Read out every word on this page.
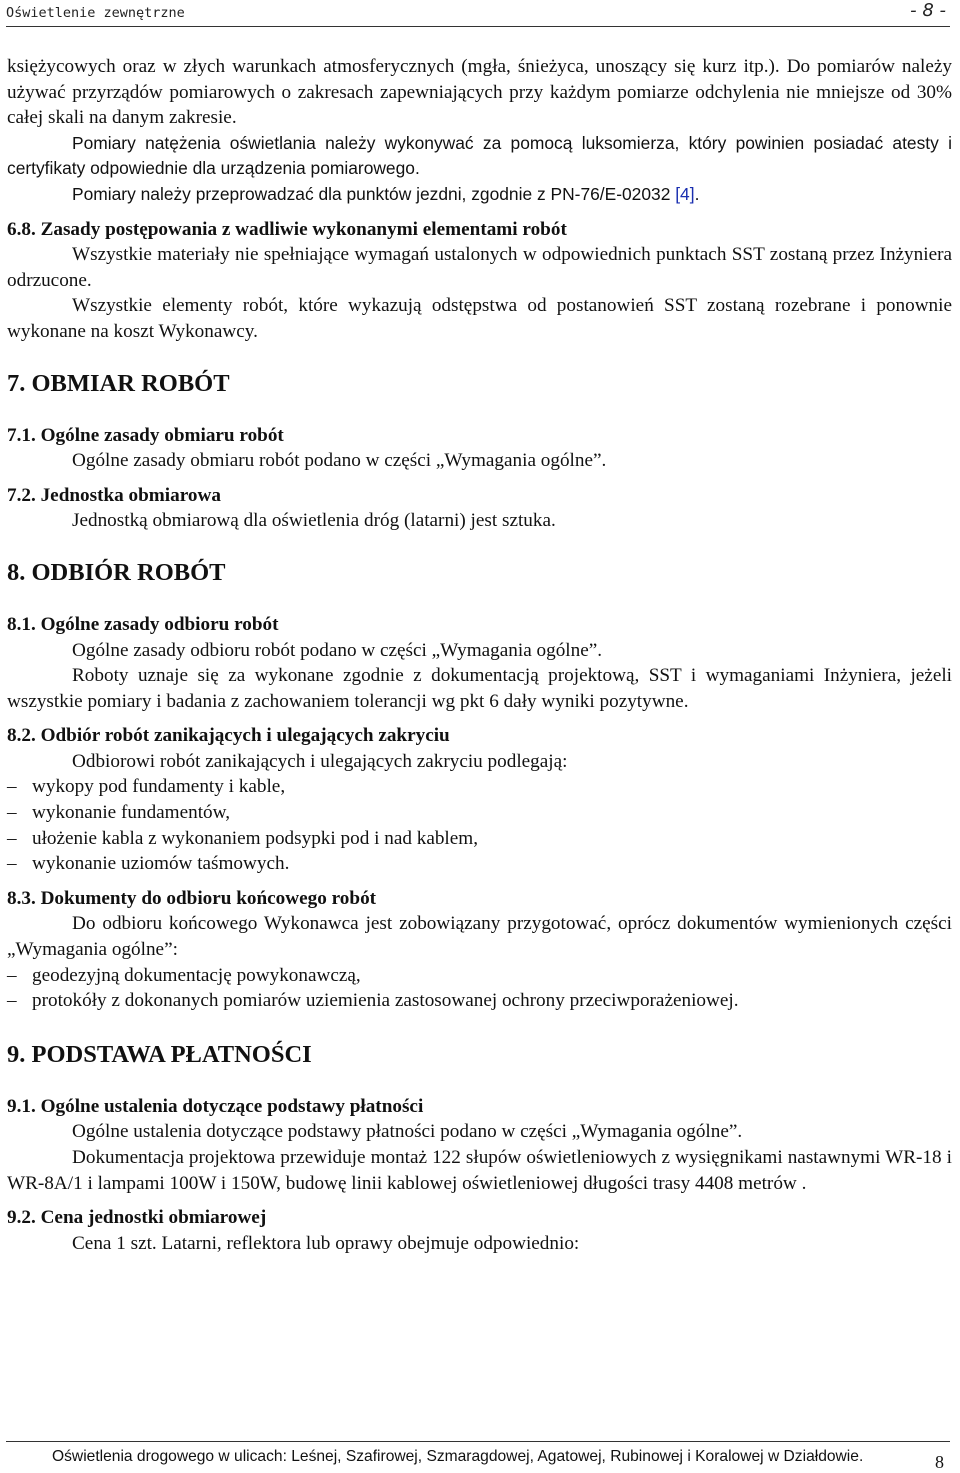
Oświetlenie zewnętrzne	- 8 -

księżycowych oraz w złych warunkach atmosferycznych (mgła, śnieżyca, unoszący się kurz itp.). Do pomiarów należy używać przyrządów pomiarowych o zakresach zapewniających przy każdym pomiarze odchylenia nie mniejsze od 30% całej skali na danym zakresie.

Pomiary natężenia oświetlania należy wykonywać za pomocą luksomierza, który powinien posiadać atesty i certyfikaty odpowiednie dla urządzenia pomiarowego.

Pomiary należy przeprowadzać dla punktów jezdni, zgodnie z PN-76/E-02032 [4].

6.8. Zasady postępowania z wadliwie wykonanymi elementami robót

Wszystkie materiały nie spełniające wymagań ustalonych w odpowiednich punktach SST zostaną przez Inżyniera odrzucone.

Wszystkie elementy robót, które wykazują odstępstwa od postanowień SST zostaną rozebrane i ponownie wykonane na koszt Wykonawcy.

7. OBMIAR ROBÓT

7.1. Ogólne zasady obmiaru robót

Ogólne zasady obmiaru robót podano w części „Wymagania ogólne”.

7.2. Jednostka obmiarowa

Jednostką obmiarową dla oświetlenia dróg (latarni) jest sztuka.

8. ODBIÓR ROBÓT

8.1. Ogólne zasady odbioru robót

Ogólne zasady odbioru robót podano w części „Wymagania ogólne”.

Roboty uznaje się za wykonane zgodnie z dokumentacją projektową, SST i wymaganiami Inżyniera, jeżeli wszystkie pomiary i badania z zachowaniem tolerancji wg pkt 6 dały wyniki pozytywne.

8.2. Odbiór robót zanikających i ulegających zakryciu

Odbiorowi robót zanikających i ulegających zakryciu podlegają:

– wykopy pod fundamenty i kable,

– wykonanie fundamentów,

– ułożenie kabla z wykonaniem podsypki pod i nad kablem,

– wykonanie uziomów taśmowych.

8.3. Dokumenty do odbioru końcowego robót

Do odbioru końcowego Wykonawca jest zobowiązany przygotować, oprócz dokumentów wymienionych części „Wymagania ogólne”:

– geodezyjną dokumentację powykonawczą,

– protokóły z dokonanych pomiarów uziemienia zastosowanej ochrony przeciwporażeniowej.

9. PODSTAWA PŁATNOŚCI

9.1. Ogólne ustalenia dotyczące podstawy płatności

Ogólne ustalenia dotyczące podstawy płatności podano w części „Wymagania ogólne”.

Dokumentacja projektowa przewiduje montaż 122 słupów oświetleniowych z wysięgnikami nastawnymi WR-18 i WR-8A/1 i lampami 100W i 150W, budowę linii kablowej oświetleniowej długości trasy 4408 metrów .

9.2. Cena jednostki obmiarowej

Cena 1 szt. Latarni, reflektora lub oprawy obejmuje odpowiednio:

Oświetlenia drogowego w ulicach: Leśnej, Szafirowej, Szmaragdowej, Agatowej, Rubinowej i Koralowej w Działdowie.	8
